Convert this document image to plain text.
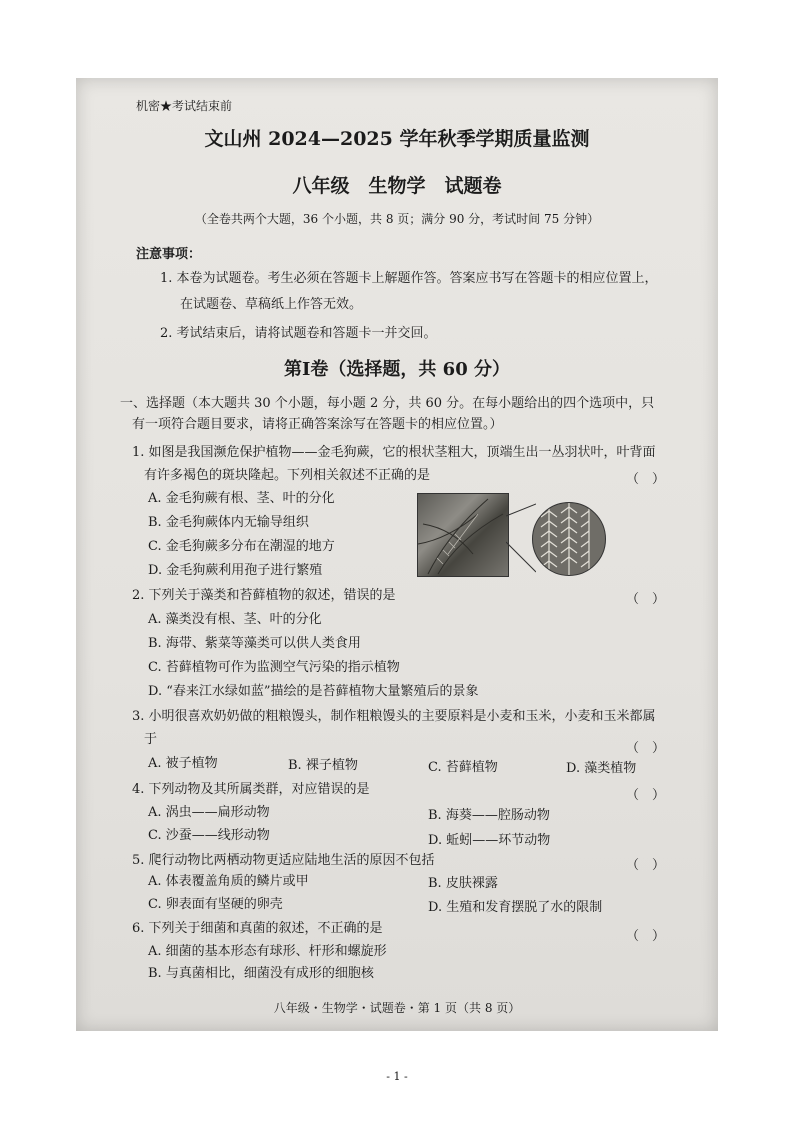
机密★考试结束前
文山州 2024—2025 学年秋季学期质量监测
八年级　生物学　试题卷
（全卷共两个大题，36 个小题，共 8 页；满分 90 分，考试时间 75 分钟）
注意事项：
1. 本卷为试题卷。考生必须在答题卡上解题作答。答案应书写在答题卡的相应位置上，
在试题卷、草稿纸上作答无效。
2. 考试结束后，请将试题卷和答题卡一并交回。
第Ⅰ卷（选择题，共 60 分）
一、选择题（本大题共 30 个小题，每小题 2 分，共 60 分。在每小题给出的四个选项中，只
有一项符合题目要求，请将正确答案涂写在答题卡的相应位置。）
1. 如图是我国濒危保护植物——金毛狗蕨，它的根状茎粗大，顶端生出一丛羽状叶，叶背面
有许多褐色的斑块隆起。下列相关叙述不正确的是	（　）
A. 金毛狗蕨有根、茎、叶的分化
B. 金毛狗蕨体内无输导组织
C. 金毛狗蕨多分布在潮湿的地方
D. 金毛狗蕨利用孢子进行繁殖
2. 下列关于藻类和苔藓植物的叙述，错误的是	（　）
A. 藻类没有根、茎、叶的分化
B. 海带、紫菜等藻类可以供人类食用
C. 苔藓植物可作为监测空气污染的指示植物
D. “春来江水绿如蓝”描绘的是苔藓植物大量繁殖后的景象
3. 小明很喜欢奶奶做的粗粮馒头，制作粗粮馒头的主要原料是小麦和玉米，小麦和玉米都属
于
（　）
A. 被子植物	B. 裸子植物	C. 苔藓植物	D. 藻类植物
4. 下列动物及其所属类群，对应错误的是	（　）
A. 涡虫——扁形动物	B. 海葵——腔肠动物
C. 沙蚕——线形动物	D. 蚯蚓——环节动物
5. 爬行动物比两栖动物更适应陆地生活的原因不包括	（　）
A. 体表覆盖角质的鳞片或甲	B. 皮肤裸露
C. 卵表面有坚硬的卵壳	D. 生殖和发育摆脱了水的限制
6. 下列关于细菌和真菌的叙述，不正确的是
（　）
A. 细菌的基本形态有球形、杆形和螺旋形
B. 与真菌相比，细菌没有成形的细胞核
八年级・生物学・试题卷・第 1 页（共 8 页）
- 1 -
